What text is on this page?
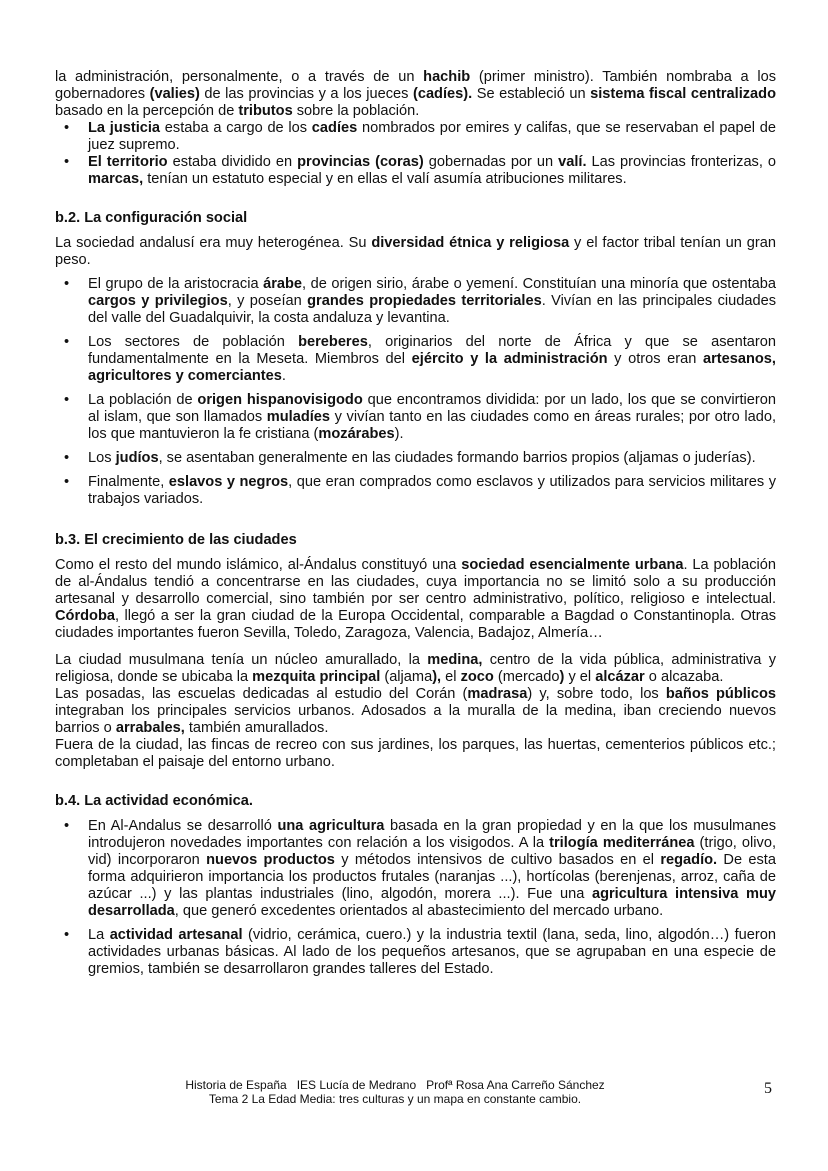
la administración, personalmente, o a través de un hachib (primer ministro). También nombraba a los gobernadores (valies) de las provincias y a los jueces (cadíes). Se estableció un sistema fiscal centralizado basado en la percepción de tributos sobre la población.

• La justicia estaba a cargo de los cadíes nombrados por emires y califas, que se reservaban el papel de juez supremo.
• El territorio estaba dividido en provincias (coras) gobernadas por un valí. Las provincias fronterizas, o marcas, tenían un estatuto especial y en ellas el valí asumía atribuciones militares.
b.2. La configuración social

La sociedad andalusí era muy heterogénea. Su diversidad étnica y religiosa y el factor tribal tenían un gran peso.

• El grupo de la aristocracia árabe, de origen sirio, árabe o yemení. Constituían una minoría que ostentaba cargos y privilegios, y poseían grandes propiedades territoriales. Vivían en las principales ciudades del valle del Guadalquivir, la costa andaluza y levantina.
• Los sectores de población bereberes, originarios del norte de África y que se asentaron fundamentalmente en la Meseta. Miembros del ejército y la administración y otros eran artesanos, agricultores y comerciantes.
• La población de origen hispanovisigodo que encontramos dividida: por un lado, los que se convirtieron al islam, que son llamados muladíes y vivían tanto en las ciudades como en áreas rurales; por otro lado, los que mantuvieron la fe cristiana (mozárabes).
• Los judíos, se asentaban generalmente en las ciudades formando barrios propios (aljamas o juderías).
• Finalmente, eslavos y negros, que eran comprados como esclavos y utilizados para servicios militares y trabajos variados.
b.3. El crecimiento de las ciudades

Como el resto del mundo islámico, al-Ándalus constituyó una sociedad esencialmente urbana. La población de al-Ándalus tendió a concentrarse en las ciudades, cuya importancia no se limitó solo a su producción artesanal y desarrollo comercial, sino también por ser centro administrativo, político, religioso e intelectual. Córdoba, llegó a ser la gran ciudad de la Europa Occidental, comparable a Bagdad o Constantinopla. Otras ciudades importantes fueron Sevilla, Toledo, Zaragoza, Valencia, Badajoz, Almería…

La ciudad musulmana tenía un núcleo amurallado, la medina, centro de la vida pública, administrativa y religiosa, donde se ubicaba la mezquita principal (aljama), el zoco (mercado) y el alcázar o alcazaba.

Las posadas, las escuelas dedicadas al estudio del Corán (madrasa) y, sobre todo, los baños públicos integraban los principales servicios urbanos. Adosados a la muralla de la medina, iban creciendo nuevos barrios o arrabales, también amurallados.

Fuera de la ciudad, las fincas de recreo con sus jardines, los parques, las huertas, cementerios públicos etc.; completaban el paisaje del entorno urbano.

b.4. La actividad económica.
• En Al-Andalus se desarrolló una agricultura basada en la gran propiedad y en la que los musulmanes introdujeron novedades importantes con relación a los visigodos. A la trilogía mediterránea (trigo, olivo, vid) incorporaron nuevos productos y métodos intensivos de cultivo basados en el regadío. De esta forma adquirieron importancia los productos frutales (naranjas ...), hortícolas (berenjenas, arroz, caña de azúcar ...) y las plantas industriales (lino, algodón, morera ...). Fue una agricultura intensiva muy desarrollada, que generó excedentes orientados al abastecimiento del mercado urbano.
• La actividad artesanal (vidrio, cerámica, cuero.) y la industria textil (lana, seda, lino, algodón…) fueron actividades urbanas básicas. Al lado de los pequeños artesanos, que se agrupaban en una especie de gremios, también se desarrollaron grandes talleres del Estado.
Historia de España   IES Lucía de Medrano   Profª Rosa Ana Carreño Sánchez
Tema 2 La Edad Media: tres culturas y un mapa en constante cambio.
5
